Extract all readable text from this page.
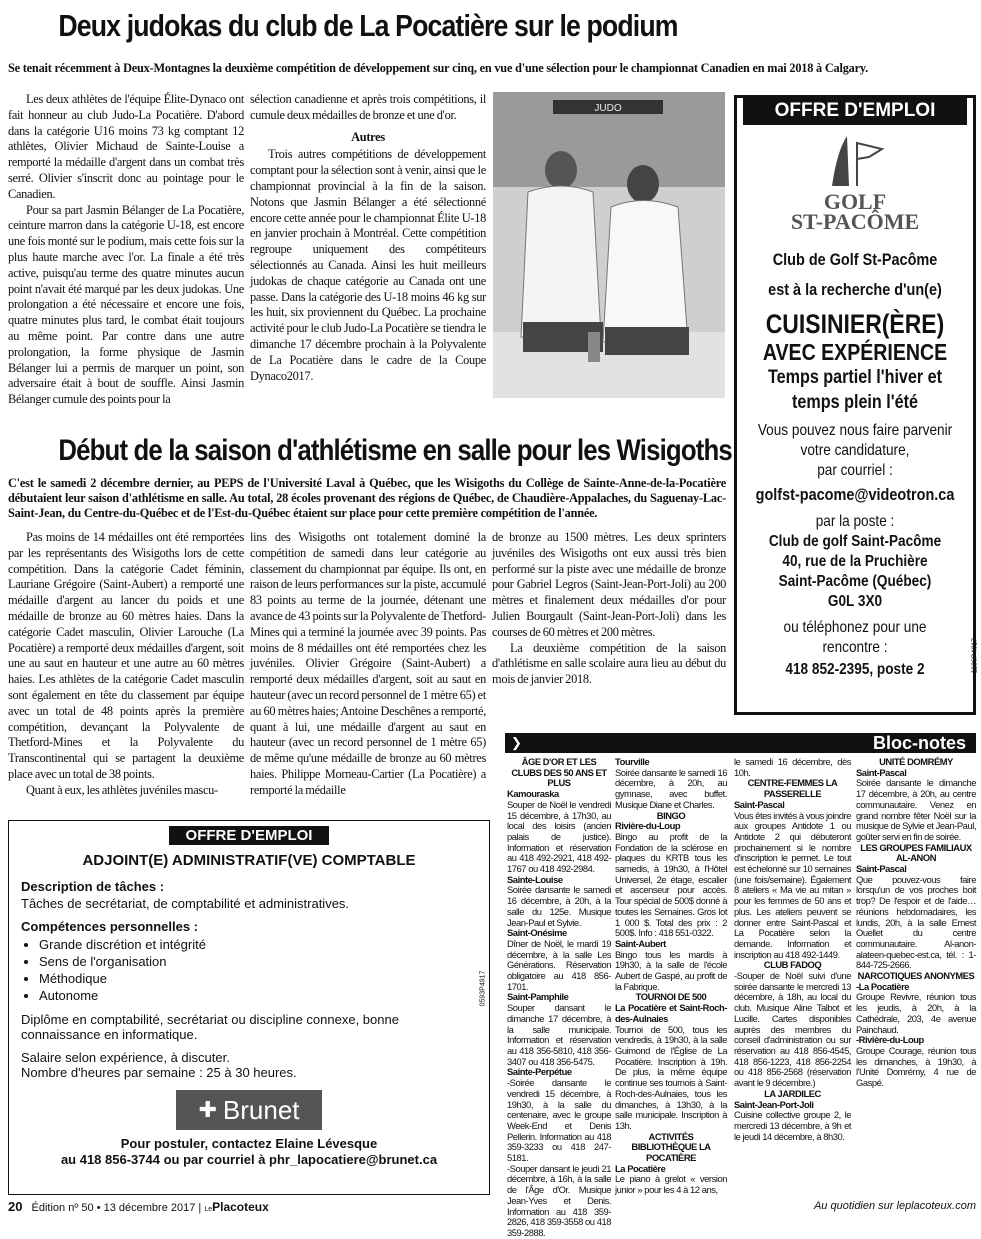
Deux judokas du club de La Pocatière sur le podium
Se tenait récemment à Deux-Montagnes la deuxième compétition de développement sur cinq, en vue d'une sélection pour le championnat Canadien en mai 2018 à Calgary.

Les deux athlètes de l'équipe Élite-Dynaco ont fait honneur au club Judo-La Pocatière. D'abord dans la catégorie U16 moins 73 kg comptant 12 athlètes, Olivier Michaud de Sainte-Louise a remporté la médaille d'argent dans un combat très serré. Olivier s'inscrit donc au pointage pour le Canadien.

Pour sa part Jasmin Bélanger de La Pocatière, ceinture marron dans la catégorie U-18, est encore une fois monté sur le podium, mais cette fois sur la plus haute marche avec l'or. La finale a été très active, puisqu'au terme des quatre minutes aucun point n'avait été marqué par les deux judokas. Une prolongation a été nécessaire et encore une fois, quatre minutes plus tard, le combat était toujours au même point. Par contre dans une autre prolongation, la forme physique de Jasmin Bélanger lui a permis de marquer un point, son adversaire était à bout de souffle. Ainsi Jasmin Bélanger cumule des points pour la

sélection canadienne et après trois compétitions, il cumule deux médailles de bronze et une d'or.

Autres

Trois autres compétitions de développement comptant pour la sélection sont à venir, ainsi que le championnat provincial à la fin de la saison. Notons que Jasmin Bélanger a été sélectionné encore cette année pour le championnat Élite U-18 en janvier prochain à Montréal. Cette compétition regroupe uniquement des compétiteurs sélectionnés au Canada. Ainsi les huit meilleurs judokas de chaque catégorie au Canada ont une passe. Dans la catégorie des U-18 moins 46 kg sur les huit, six proviennent du Québec. La prochaine activité pour le club Judo-La Pocatière se tiendra le dimanche 17 décembre prochain à la Polyvalente de La Pocatière dans le cadre de la Coupe Dynaco2017.

JUDO	OFFRE D'EMPLOI
GOLF
ST-PACÔME
Club de Golf St-Pacôme
est à la recherche d'un(e)
CUISINIER(ÈRE)
AVEC EXPÉRIENCE
Temps partiel l'hiver et
temps plein l'été
Vous pouvez nous faire parvenir
votre candidature,
par courriel :
golfst-pacome@videotron.ca
par la poste :
Club de golf Saint-Pacôme
40, rue de la Pruchière
Saint-Pacôme (Québec)
G0L 3X0
ou téléphonez pour une
rencontre :
418 852-2395, poste 2	1186P4817
Début de la saison d'athlétisme en salle pour les Wisigoths
C'est le samedi 2 décembre dernier, au PEPS de l'Université Laval à Québec, que les Wisigoths du Collège de Sainte-Anne-de-la-Pocatière débutaient leur saison d'athlétisme en salle. Au total, 28 écoles provenant des régions de Québec, de Chaudière-Appalaches, du Saguenay-Lac-Saint-Jean, du Centre-du-Québec et de l'Est-du-Québec étaient sur place pour cette première compétition de l'année.

Pas moins de 14 médailles ont été remportées par les représentants des Wisigoths lors de cette compétition. Dans la catégorie Cadet féminin, Lauriane Grégoire (Saint-Aubert) a remporté une médaille d'argent au lancer du poids et une médaille de bronze au 60 mètres haies. Dans la catégorie Cadet masculin, Olivier Larouche (La Pocatière) a remporté deux médailles d'argent, soit une au saut en hauteur et une autre au 60 mètres haies. Les athlètes de la catégorie Cadet masculin sont également en tête du classement par équipe avec un total de 48 points après la première compétition, devançant la Polyvalente de Thetford-Mines et la Polyvalente du Transcontinental qui se partagent la deuxième place avec un total de 38 points.

Quant à eux, les athlètes juvéniles mascu-

lins des Wisigoths ont totalement dominé la compétition de samedi dans leur catégorie au classement du championnat par équipe. Ils ont, en raison de leurs performances sur la piste, accumulé 83 points au terme de la journée, détenant une avance de 43 points sur la Polyvalente de Thetford-Mines qui a terminé la journée avec 39 points. Pas moins de 8 médailles ont été remportées chez les juvéniles. Olivier Grégoire (Saint-Aubert) a remporté deux médailles d'argent, soit au saut en hauteur (avec un record personnel de 1 mètre 65) et au 60 mètres haies; Antoine Deschênes a remporté, quant à lui, une médaille d'argent au saut en hauteur (avec un record personnel de 1 mètre 65) de même qu'une médaille de bronze au 60 mètres haies. Philippe Morneau-Cartier (La Pocatière) a remporté la médaille

de bronze au 1500 mètres. Les deux sprinters juvéniles des Wisigoths ont eux aussi très bien performé sur la piste avec une médaille de bronze pour Gabriel Legros (Saint-Jean-Port-Joli) au 200 mètres et finalement deux médailles d'or pour Julien Bourgault (Saint-Jean-Port-Joli) dans les courses de 60 mètres et 200 mètres.

La deuxième compétition de la saison d'athlétisme en salle scolaire aura lieu au début du mois de janvier 2018.

OFFRE D'EMPLOI
ADJOINT(E) ADMINISTRATIF(VE) COMPTABLE
Description de tâches :
Tâches de secrétariat, de comptabilité et administratives.
Compétences personnelles :
• Grande discrétion et intégrité
• Sens de l'organisation
• Méthodique
• Autonome
Diplôme en comptabilité, secrétariat ou discipline connexe, bonne connaissance en informatique.
Salaire selon expérience, à discuter.
Nombre d'heures par semaine : 25 à 30 heures.
✚ Brunet
Pour postuler, contactez Elaine Lévesque
au 418 856-3744 ou par courriel à phr_lapocatiere@brunet.ca
0593P4917
❯	Bloc-notes
ÂGE D'OR ET LES CLUBS DES 50 ANS ET PLUS
Kamouraska
Souper de Noël le vendredi 15 décembre, à 17h30, au local des loisirs (ancien palais de justice). Information et réservation au 418 492-2921, 418 492-1767 ou 418 492-2984.
Sainte-Louise
Soirée dansante le samedi 16 décembre, à 20h, à la salle du 125e. Musique Jean-Paul et Sylvie.
Saint-Onésime
Dîner de Noël, le mardi 19 décembre, à la salle Les Générations. Réservation obligatoire au 418 856-1701.
Saint-Pamphile
Souper dansant le dimanche 17 décembre, à la salle municipale. Information et réservation au 418 356-5810, 418 356-3407 ou 418 356-5475.
Sainte-Perpétue
-Soirée dansante le vendredi 15 décembre, à 19h30, à la salle du centenaire, avec le groupe Week-End et Denis Pellerin. Information au 418 359-3233 ou 418 247-5181.
-Souper dansant le jeudi 21 décembre, à 16h, à la salle de l'Âge d'Or. Musique Jean-Yves et Denis. Information au 418 359-2826, 418 359-3558 ou 418 359-2888.
Tourville
Soirée dansante le samedi 16 décembre, à 20h, au gymnase, avec buffet. Musique Diane et Charles.
BINGO
Rivière-du-Loup
Bingo au profit de la Fondation de la sclérose en plaques du KRTB tous les samedis, à 19h30, à l'Hôtel Universel, 2e étage, escalier et ascenseur pour accès. Tour spécial de 500$ donné à toutes les Semaines. Gros lot 1 000 $. Total des prix : 2 500$. Info : 418 551-0322.
Saint-Aubert
Bingo tous les mardis à 19h30, à la salle de l'école Aubert de Gaspé, au profit de la Fabrique.
TOURNOI DE 500
La Pocatière et Saint-Roch-des-Aulnaies
Tournoi de 500, tous les vendredis, à 19h30, à la salle Guimond de l'Église de La Pocatière. Inscription à 19h. De plus, la même équipe continue ses tournois à Saint-Roch-des-Aulnaies, tous les dimanches, à 13h30, à la salle municipale. Inscription à 13h.
ACTIVITÉS BIBLIOTHÈQUE LA POCATIÈRE
La Pocatière
Le piano à grelot « version junior » pour les 4 à 12 ans,
le samedi 16 décembre, dès 10h.
CENTRE-FEMMES LA PASSERELLE
Saint-Pascal
Vous êtes invités à vous joindre aux groupes Antidote 1 ou Antidote 2 qui débuteront prochainement si le nombre d'inscription le permet. Le tout est échelonné sur 10 semaines (une fois/semaine). Également 8 ateliers « Ma vie au mitan » pour les femmes de 50 ans et plus. Les ateliers peuvent se donner entre Saint-Pascal et La Pocatière selon la demande. Information et inscription au 418 492-1449.
CLUB FADOQ
-Souper de Noël suivi d'une soirée dansante le mercredi 13 décembre, à 18h, au local du club. Musique Aline Talbot et Lucille. Cartes disponibles auprès des membres du conseil d'administration ou sur réservation au 418 856-4545, 418 856-1223, 418 856-2254 ou 418 856-2568 (réservation avant le 9 décembre.)
LA JARDILEC
Saint-Jean-Port-Joli
Cuisine collective groupe 2, le mercredi 13 décembre, à 9h et le jeudi 14 décembre, à 8h30.
UNITÉ DOMRÉMY
Saint-Pascal
Soirée dansante le dimanche 17 décembre, à 20h, au centre communautaire. Venez en grand nombre fêter Noël sur la musique de Sylvie et Jean-Paul, goûter servi en fin de soirée.
LES GROUPES FAMILIAUX AL-ANON
Saint-Pascal
Que pouvez-vous faire lorsqu'un de vos proches boit trop? De l'espoir et de l'aide… réunions hebdomadaires, les lundis, 20h, à la salle Ernest Ouellet du centre communautaire. Al-anon-alateen-quebec-est.ca, tél. : 1-844-725-2666.
NARCOTIQUES ANONYMES
-La Pocatière
Groupe Revivre, réunion tous les jeudis, à 20h, à la Cathédrale, 203, 4e avenue Painchaud.
-Rivière-du-Loup
Groupe Courage, réunion tous les dimanches, à 19h30, à l'Unité Domrémy, 4 rue de Gaspé.
20 Édition nº 50 • 13 décembre 2017 | LePlacoteux	Au quotidien sur leplacoteux.com
